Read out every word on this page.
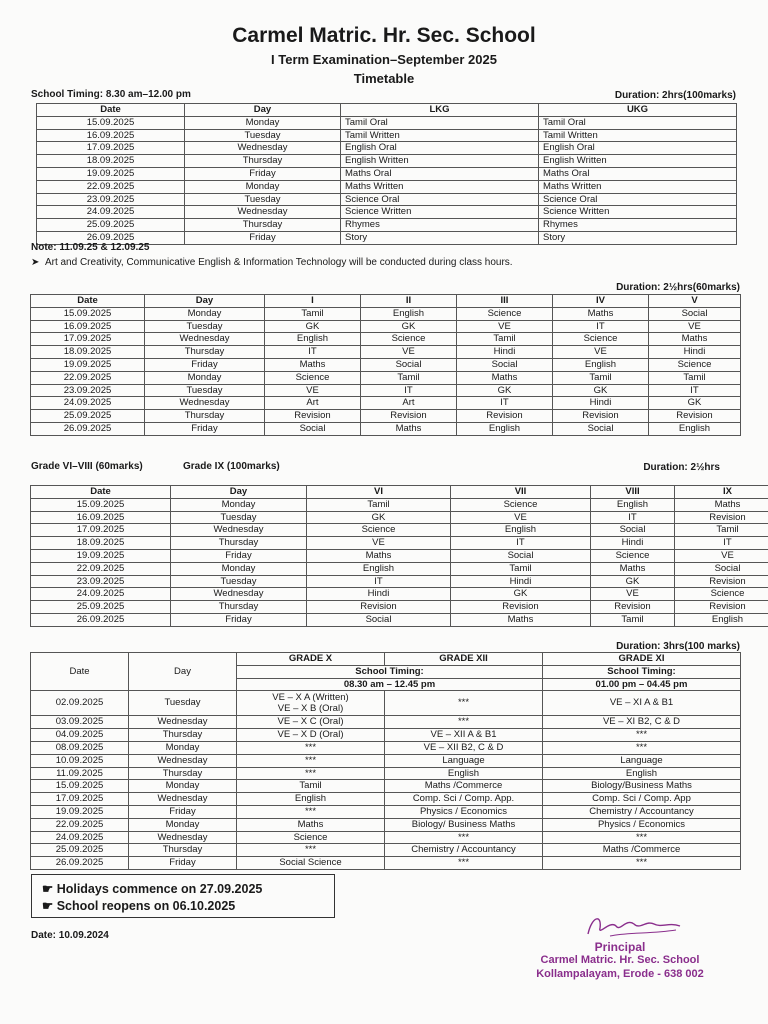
Carmel Matric. Hr. Sec. School
I Term Examination–September 2025
Timetable
School Timing: 8.30 am–12.00 pm	Duration: 2hrs(100marks)
Date	Day	LKG	UKG
15.09.2025	Monday	Tamil Oral	Tamil Oral
16.09.2025	Tuesday	Tamil Written	Tamil Written
17.09.2025	Wednesday	English Oral	English Oral
18.09.2025	Thursday	English Written	English Written
19.09.2025	Friday	Maths Oral	Maths Oral
22.09.2025	Monday	Maths Written	Maths Written
23.09.2025	Tuesday	Science Oral	Science Oral
24.09.2025	Wednesday	Science Written	Science Written
25.09.2025	Thursday	Rhymes	Rhymes
26.09.2025	Friday	Story	Story
Note: 11.09.25 & 12.09.25
➤  Art and Creativity, Communicative English & Information Technology will be conducted during class hours.
Duration: 2½hrs(60marks)
Date	Day	I	II	III	IV	V
15.09.2025	Monday	Tamil	English	Science	Maths	Social
16.09.2025	Tuesday	GK	GK	VE	IT	VE
17.09.2025	Wednesday	English	Science	Tamil	Science	Maths
18.09.2025	Thursday	IT	VE	Hindi	VE	Hindi
19.09.2025	Friday	Maths	Social	Social	English	Science
22.09.2025	Monday	Science	Tamil	Maths	Tamil	Tamil
23.09.2025	Tuesday	VE	IT	GK	GK	IT
24.09.2025	Wednesday	Art	Art	IT	Hindi	GK
25.09.2025	Thursday	Revision	Revision	Revision	Revision	Revision
26.09.2025	Friday	Social	Maths	English	Social	English
Grade VI–VIII (60marks)	Grade IX (100marks)	Duration: 2½hrs
Date	Day	VI	VII	VIII	IX
15.09.2025	Monday	Tamil	Science	English	Maths
16.09.2025	Tuesday	GK	VE	IT	Revision
17.09.2025	Wednesday	Science	English	Social	Tamil
18.09.2025	Thursday	VE	IT	Hindi	IT
19.09.2025	Friday	Maths	Social	Science	VE
22.09.2025	Monday	English	Tamil	Maths	Social
23.09.2025	Tuesday	IT	Hindi	GK	Revision
24.09.2025	Wednesday	Hindi	GK	VE	Science
25.09.2025	Thursday	Revision	Revision	Revision	Revision
26.09.2025	Friday	Social	Maths	Tamil	English
Duration: 3hrs(100 marks)
Date	Day	GRADE X	GRADE XII	GRADE XI
		School Timing:		School Timing:
		08.30 am – 12.45 pm		01.00 pm – 04.45 pm
02.09.2025	Tuesday	VE – X A (Written)
VE – X B (Oral)	***	VE – XI A & B1
03.09.2025	Wednesday	VE – X C (Oral)	***	VE – XI B2, C & D
04.09.2025	Thursday	VE – X D (Oral)	VE – XII A & B1	***
08.09.2025	Monday	***	VE – XII B2, C & D	***
10.09.2025	Wednesday	***	Language	Language
11.09.2025	Thursday	***	English	English
15.09.2025	Monday	Tamil	Maths /Commerce	Biology/Business Maths
17.09.2025	Wednesday	English	Comp. Sci / Comp. App.	Comp. Sci / Comp. App
19.09.2025	Friday	***	Physics / Economics	Chemistry / Accountancy
22.09.2025	Monday	Maths	Biology/ Business Maths	Physics / Economics
24.09.2025	Wednesday	Science	***	***
25.09.2025	Thursday	***	Chemistry / Accountancy	Maths /Commerce
26.09.2025	Friday	Social Science	***	***
☛ Holidays commence on 27.09.2025
☛ School reopens on 06.10.2025
Date: 10.09.2024
Principal
Carmel Matric. Hr. Sec. School
Kollampalayam, Erode - 638 002
